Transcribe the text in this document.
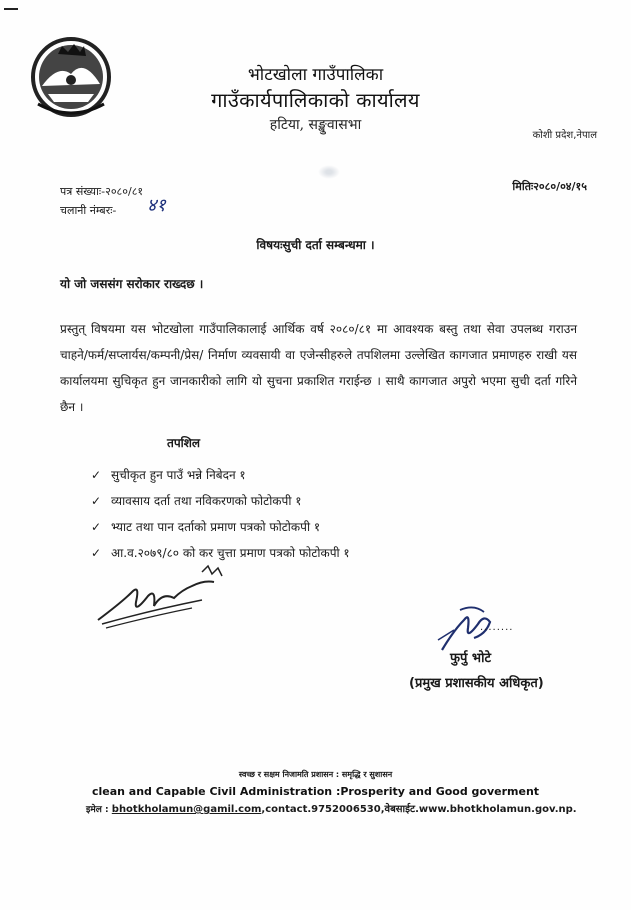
भोटखोला गाउँपालिका
गाउँकार्यपालिकाको कार्यालय
हटिया, सङ्खुवासभा
कोशी प्रदेश,नेपाल
पत्र संख्याः-२०८०/८१
चलानी नंम्बरः- ४१
मितिः२०८०/०४/१५
विषयःसुची दर्ता सम्बन्धमा ।
यो जो जससंग सरोकार राख्दछ ।
प्रस्तुत् विषयमा यस भोटखोला गाउँपालिकालाई आर्थिक वर्ष २०८०/८१ मा आवश्यक बस्तु तथा सेवा उपलब्ध गराउन चाहने/फर्म/सप्लार्यस/कम्पनी/प्रेस/ निर्माण व्यवसायी वा एजेन्सीहरुले तपशिलमा उल्लेखित कागजात प्रमाणहरु राखी यस कार्यालयमा सुचिकृत हुन जानकारीको लागि यो सुचना प्रकाशित गराईन्छ । साथै कागजात अपुरो भएमा सुची दर्ता गरिने छैन ।
तपशिल
✓ सुचीकृत हुन पाउँ भन्ने निबेदन १
✓ व्यावसाय दर्ता तथा नविकरणको फोटोकपी १
✓ भ्याट तथा पान दर्ताको प्रमाण पत्रको फोटोकपी १
✓ आ.व.२०७९/८० को कर चुत्ता प्रमाण पत्रको फोटोकपी १
........
फुर्पु भोटे
(प्रमुख प्रशासकीय अधिकृत)
स्वच्छ र सक्षम निजामति प्रशासन : समृद्धि र सुशासन
clean and Capable Civil Administration :Prosperity and Good goverment
इमेल : bhotkholamun@gamil.com,contact.9752006530,वेबसाईट.www.bhotkholamun.gov.np.
